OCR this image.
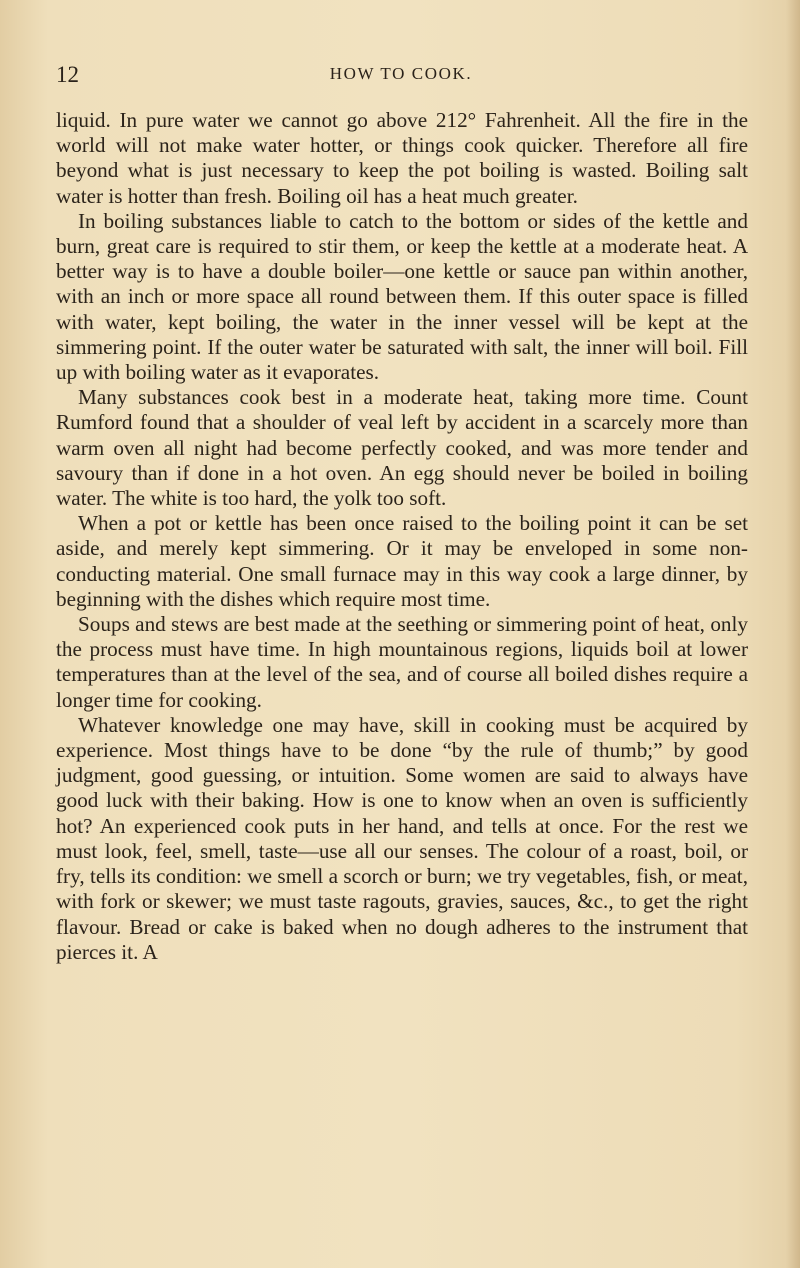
12	HOW TO COOK.

liquid. In pure water we cannot go above 212° Fahrenheit. All the fire in the world will not make water hotter, or things cook quicker. Therefore all fire beyond what is just necessary to keep the pot boiling is wasted. Boiling salt water is hotter than fresh. Boiling oil has a heat much greater.

In boiling substances liable to catch to the bottom or sides of the kettle and burn, great care is required to stir them, or keep the kettle at a moderate heat. A better way is to have a double boiler—one kettle or sauce pan within another, with an inch or more space all round between them. If this outer space is filled with water, kept boiling, the water in the inner vessel will be kept at the simmering point. If the outer water be saturated with salt, the inner will boil. Fill up with boiling water as it evaporates.

Many substances cook best in a moderate heat, taking more time. Count Rumford found that a shoulder of veal left by accident in a scarcely more than warm oven all night had become perfectly cooked, and was more tender and savoury than if done in a hot oven. An egg should never be boiled in boiling water. The white is too hard, the yolk too soft.

When a pot or kettle has been once raised to the boiling point it can be set aside, and merely kept simmering. Or it may be enveloped in some non-conducting material. One small furnace may in this way cook a large dinner, by beginning with the dishes which require most time.

Soups and stews are best made at the seething or simmering point of heat, only the process must have time. In high mountainous regions, liquids boil at lower temperatures than at the level of the sea, and of course all boiled dishes require a longer time for cooking.

Whatever knowledge one may have, skill in cooking must be acquired by experience. Most things have to be done “by the rule of thumb;” by good judgment, good guessing, or intuition. Some women are said to always have good luck with their baking. How is one to know when an oven is sufficiently hot? An experienced cook puts in her hand, and tells at once. For the rest we must look, feel, smell, taste—use all our senses. The colour of a roast, boil, or fry, tells its condition: we smell a scorch or burn; we try vegetables, fish, or meat, with fork or skewer; we must taste ragouts, gravies, sauces, &c., to get the right flavour. Bread or cake is baked when no dough adheres to the instrument that pierces it. A
